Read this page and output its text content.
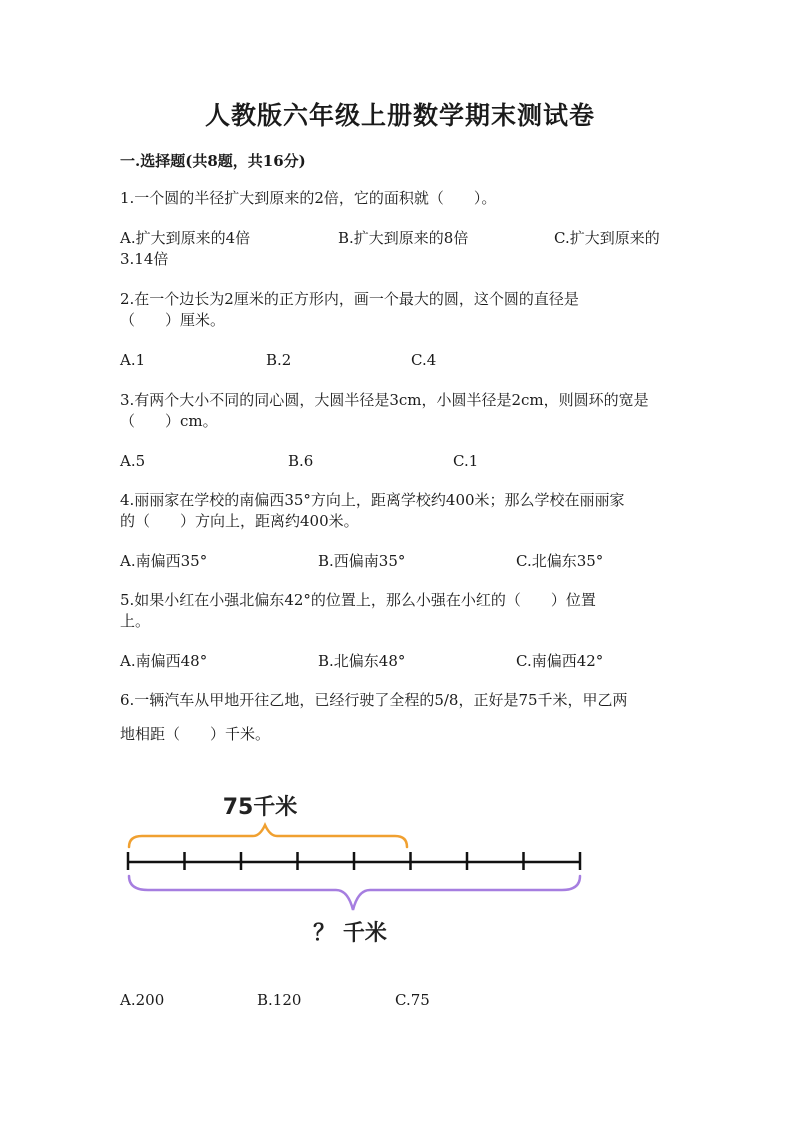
人教版六年级上册数学期末测试卷
一.选择题(共8题，共16分)
1.一个圆的半径扩大到原来的2倍，它的面积就（　　）。
A.扩大到原来的4倍	B.扩大到原来的8倍	C.扩大到原来的
3.14倍
2.在一个边长为2厘米的正方形内，画一个最大的圆，这个圆的直径是
（　　）厘米。
A.1	B.2	C.4
3.有两个大小不同的同心圆，大圆半径是3cm，小圆半径是2cm，则圆环的宽是
（　　）cm。
A.5	B.6	C.1
4.丽丽家在学校的南偏西35°方向上，距离学校约400米；那么学校在丽丽家
的（　　）方向上，距离约400米。
A.南偏西35°	B.西偏南35°	C.北偏东35°
5.如果小红在小强北偏东42°的位置上，那么小强在小红的（　　）位置
上。
A.南偏西48°	B.北偏东48°	C.南偏西42°
6.一辆汽车从甲地开往乙地，已经行驶了全程的5/8，正好是75千米，甲乙两
地相距（　　）千米。
75千米
？ 千米
A.200	B.120	C.75
